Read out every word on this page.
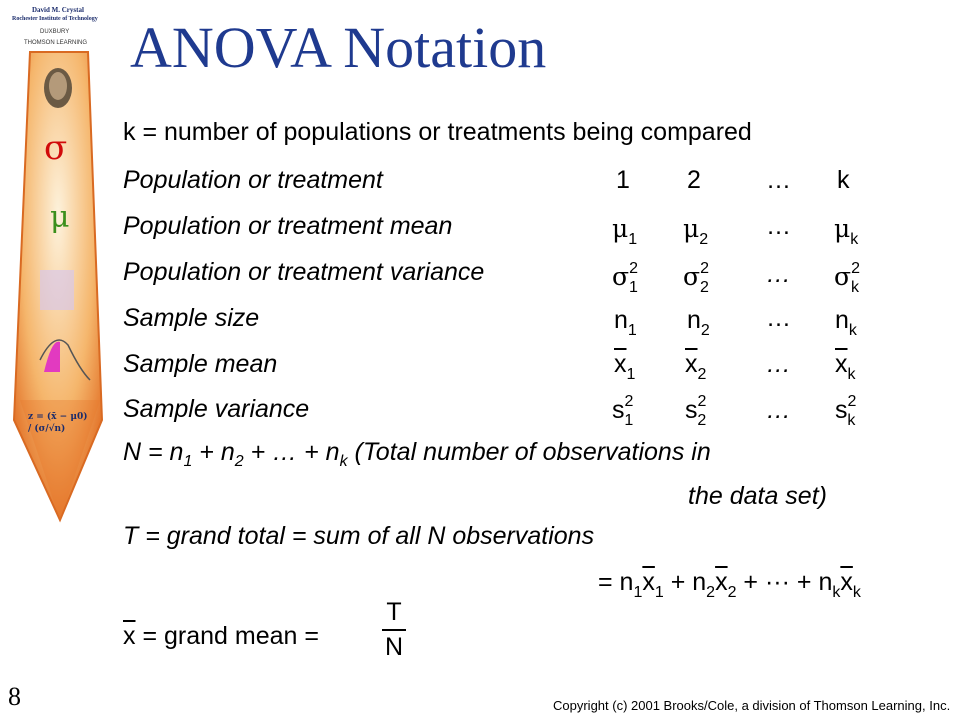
David M. Crystal
Rochester Institute of Technology
DUXBURY
THOMSON LEARNING
σ
μ
z = (x̄ − μ0) / (σ/√n)
ANOVA Notation
k = number of populations or treatments being compared
Population or treatment
Population or treatment mean
Population or treatment variance
Sample size
Sample mean
Sample variance
1 2	… k
$\mu_1$ $\mu_2$ … $\mu_k$
$\sigma^2_1$ $\sigma^2_2$ … $\sigma^2_k$
$n_1$ $n_2$ … $n_k$
$\overline{x}_1$ $\overline{x}_2$ … $\overline{x}_k$
$s^2_1$ $s^2_2$ … $s^2_k$
$N = n_1 + n_2$ + … + $n_k$ (Total number of observations in
the data set)
T = grand total = sum of all N observations
= $n_1\overline{x}_1 + n_2\overline{x}_2$ + ··· + $n_k\overline{x}_k$
$\overline{x}$ = grand mean =
T
N
8	Copyright (c) 2001 Brooks/Cole, a division of Thomson Learning, Inc.
